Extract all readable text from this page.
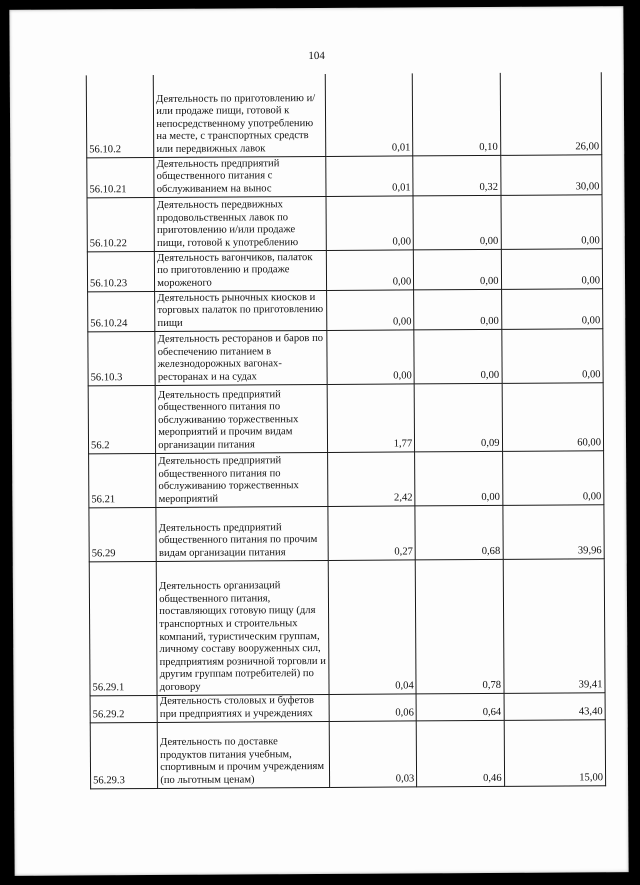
104
56.10.2	Деятельность по приготовлению и/или продаже пищи, готовой к непосредственному употреблению на месте, с транспортных средств или передвижных лавок	0,01	0,10	26,00
56.10.21	Деятельность предприятий общественного питания с обслуживанием на вынос	0,01	0,32	30,00
56.10.22	Деятельность передвижных продовольственных лавок по приготовлению и/или продаже пищи, готовой к употреблению	0,00	0,00	0,00
56.10.23	Деятельность вагончиков, палаток по приготовлению и продаже мороженого	0,00	0,00	0,00
56.10.24	Деятельность рыночных киосков и торговых палаток по приготовлению пищи	0,00	0,00	0,00
56.10.3	Деятельность ресторанов и баров по обеспечению питанием в железнодорожных вагонах-ресторанах и на судах	0,00	0,00	0,00
56.2	Деятельность предприятий общественного питания по обслуживанию торжественных мероприятий и прочим видам организации питания	1,77	0,09	60,00
56.21	Деятельность предприятий общественного питания по обслуживанию торжественных мероприятий	2,42	0,00	0,00
56.29	Деятельность предприятий общественного питания по прочим видам организации питания	0,27	0,68	39,96
56.29.1	Деятельность организаций общественного питания, поставляющих готовую пищу (для транспортных и строительных компаний, туристическим группам, личному составу вооруженных сил, предприятиям розничной торговли и другим группам потребителей) по договору	0,04	0,78	39,41
56.29.2	Деятельность столовых и буфетов при предприятиях и учреждениях	0,06	0,64	43,40
56.29.3	Деятельность по доставке продуктов питания учебным, спортивным и прочим учреждениям (по льготным ценам)	0,03	0,46	15,00
